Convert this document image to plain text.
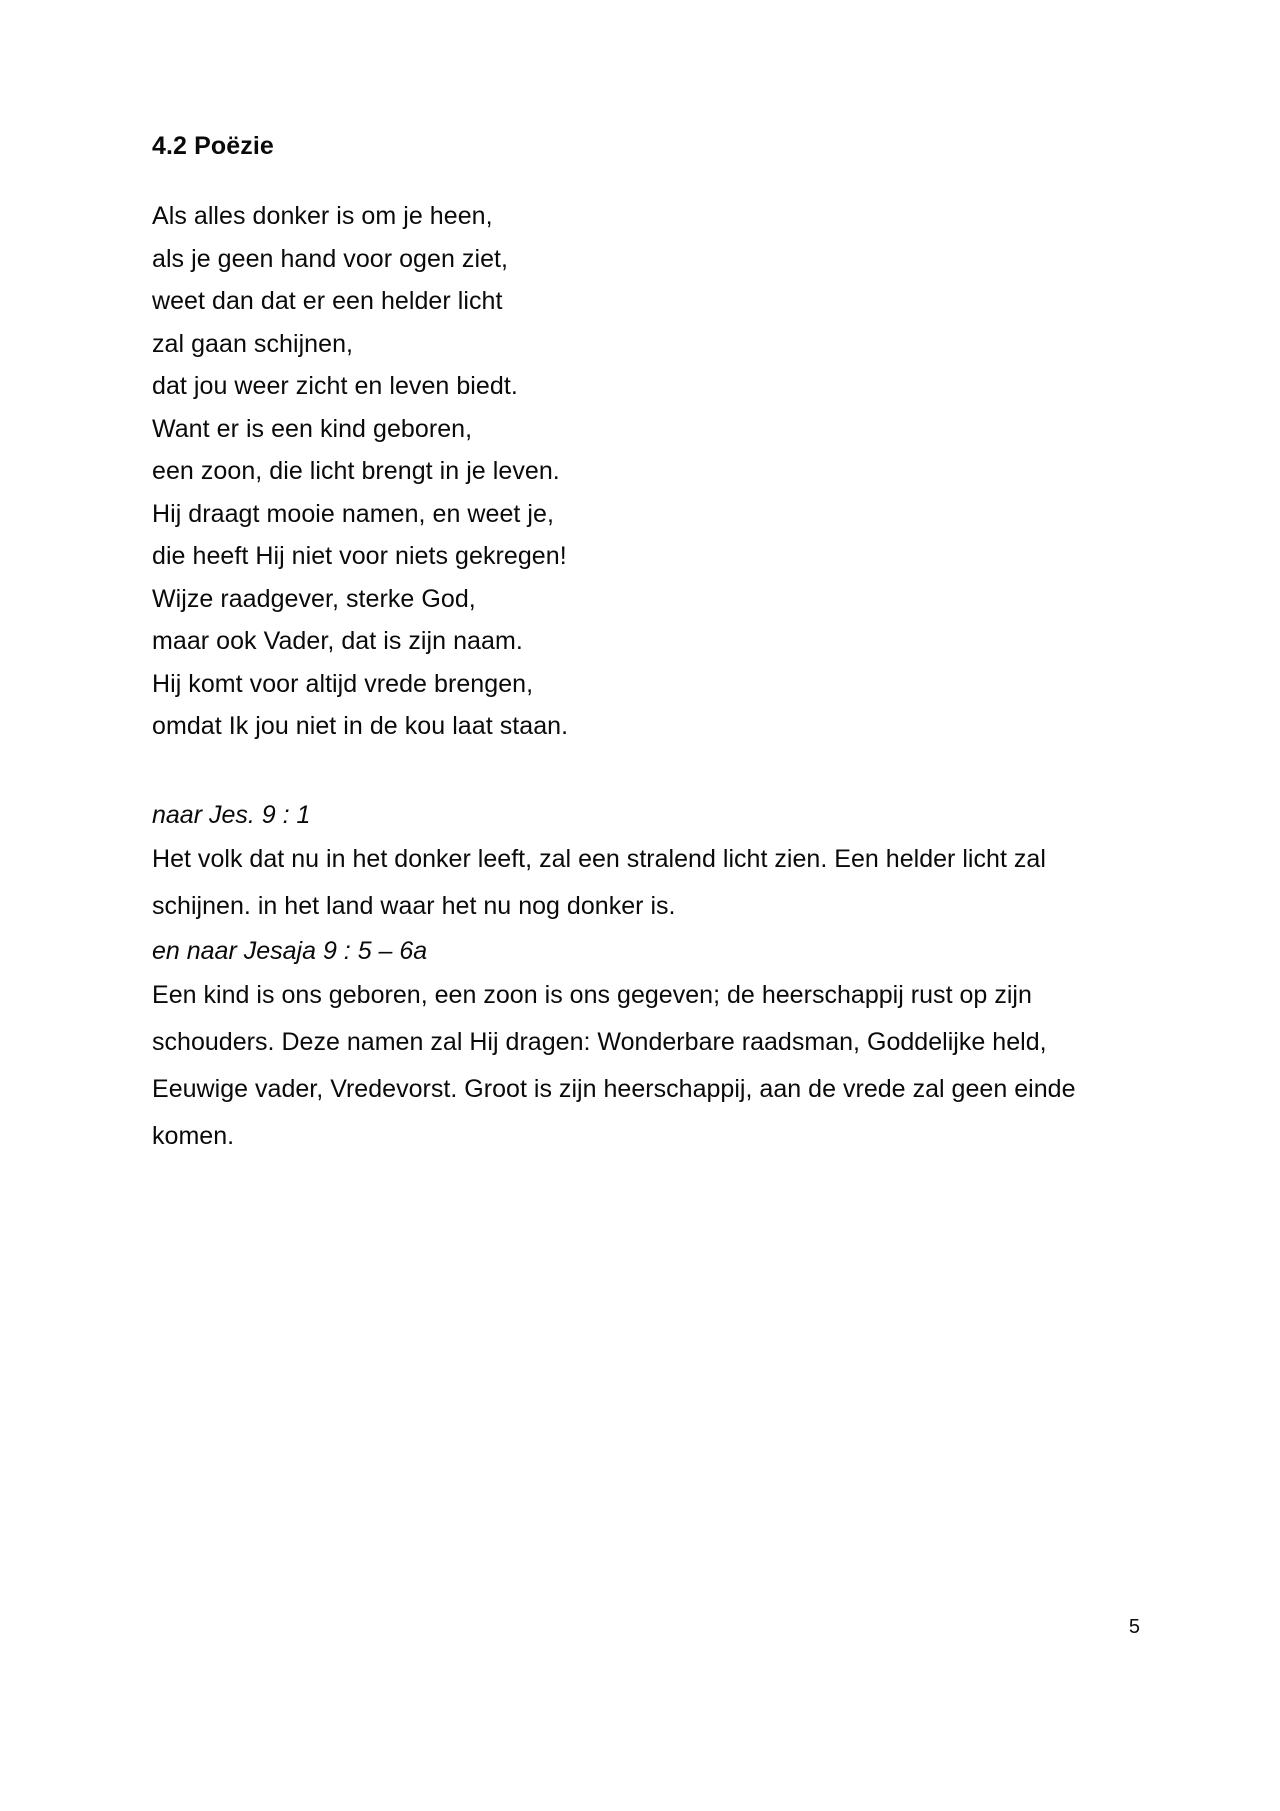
4.2 Poëzie
Als alles donker is om je heen,
als je geen hand voor ogen ziet,
weet dan dat er een helder licht
zal gaan schijnen,
dat jou weer zicht en leven biedt.
Want er is een kind geboren,
een zoon, die licht brengt in je leven.
Hij draagt mooie namen, en weet je,
die heeft Hij niet voor niets gekregen!
Wijze raadgever, sterke God,
maar ook Vader, dat is zijn naam.
Hij komt voor altijd vrede brengen,
omdat Ik jou niet in de kou laat staan.

naar Jes. 9 : 1

Het volk dat nu in het donker leeft, zal een stralend licht zien. Een helder licht zal schijnen. in het land waar het nu nog donker is.

en naar Jesaja 9 : 5 – 6a

Een kind is ons geboren, een zoon is ons gegeven; de heerschappij rust op zijn schouders. Deze namen zal Hij dragen: Wonderbare raadsman, Goddelijke held, Eeuwige vader, Vredevorst. Groot is zijn heerschappij, aan de vrede zal geen einde komen.

5
